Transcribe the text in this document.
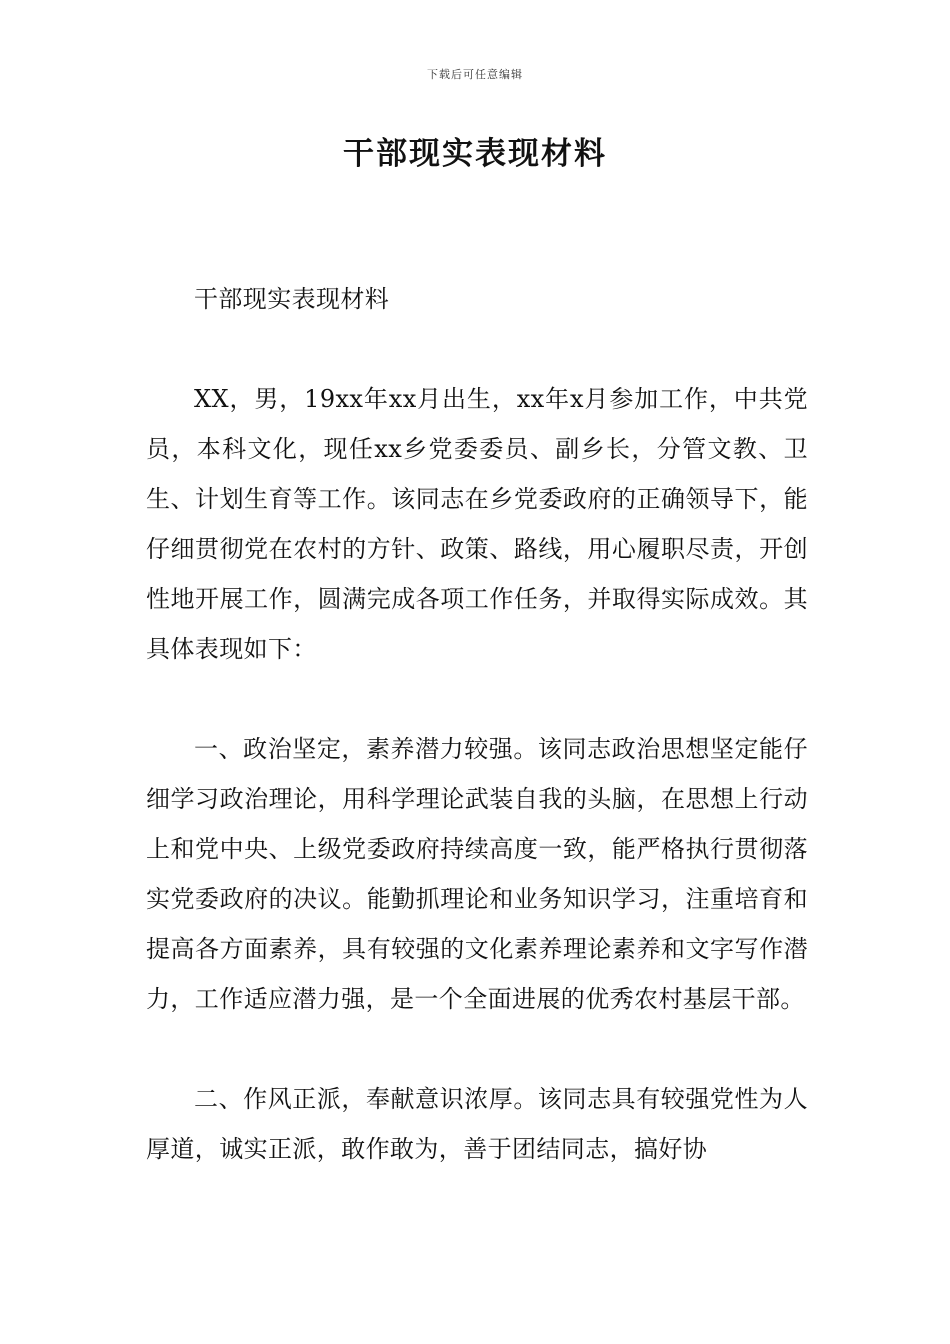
下载后可任意编辑
干部现实表现材料

干部现实表现材料

XX，男，19xx年xx月出生，xx年x月参加工作，中共党员，本科文化，现任xx乡党委委员、副乡长，分管文教、卫生、计划生育等工作。该同志在乡党委政府的正确领导下，能仔细贯彻党在农村的方针、政策、路线，用心履职尽责，开创性地开展工作，圆满完成各项工作任务，并取得实际成效。其具体表现如下：

一、政治坚定，素养潜力较强。该同志政治思想坚定能仔细学习政治理论，用科学理论武装自我的头脑，在思想上行动上和党中央、上级党委政府持续高度一致，能严格执行贯彻落实党委政府的决议。能勤抓理论和业务知识学习，注重培育和提高各方面素养，具有较强的文化素养理论素养和文字写作潜力，工作适应潜力强，是一个全面进展的优秀农村基层干部。

二、作风正派，奉献意识浓厚。该同志具有较强党性为人厚道，诚实正派，敢作敢为，善于团结同志，搞好协
